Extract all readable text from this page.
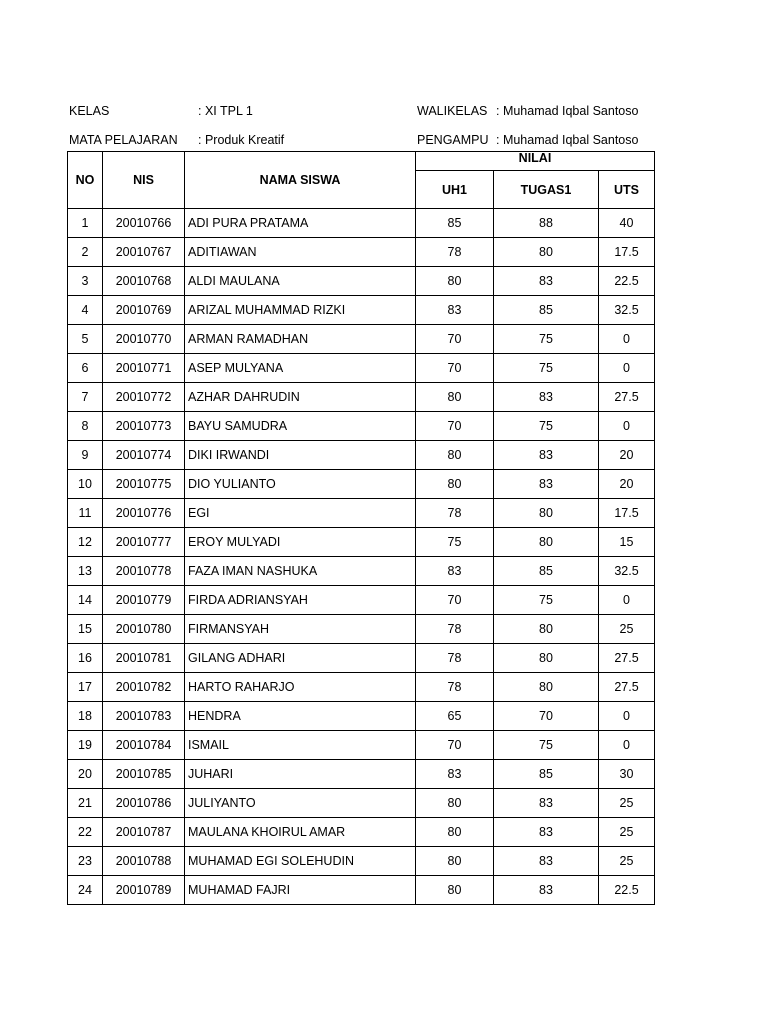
KELAS	: XI TPL 1	WALIKELAS : Muhamad Iqbal Santoso
MATA PELAJARAN : Produk Kreatif	PENGAMPU : Muhamad Iqbal Santoso
NO	NIS	NAMA SISWA	NILAI		
			UH1	TUGAS1	UTS
1	20010766	ADI PURA PRATAMA	85	88	40
2	20010767	ADITIAWAN	78	80	17.5
3	20010768	ALDI MAULANA	80	83	22.5
4	20010769	ARIZAL MUHAMMAD RIZKI	83	85	32.5
5	20010770	ARMAN RAMADHAN	70	75	0
6	20010771	ASEP MULYANA	70	75	0
7	20010772	AZHAR DAHRUDIN	80	83	27.5
8	20010773	BAYU SAMUDRA	70	75	0
9	20010774	DIKI IRWANDI	80	83	20
10	20010775	DIO YULIANTO	80	83	20
11	20010776	EGI	78	80	17.5
12	20010777	EROY MULYADI	75	80	15
13	20010778	FAZA IMAN NASHUKA	83	85	32.5
14	20010779	FIRDA ADRIANSYAH	70	75	0
15	20010780	FIRMANSYAH	78	80	25
16	20010781	GILANG ADHARI	78	80	27.5
17	20010782	HARTO RAHARJO	78	80	27.5
18	20010783	HENDRA	65	70	0
19	20010784	ISMAIL	70	75	0
20	20010785	JUHARI	83	85	30
21	20010786	JULIYANTO	80	83	25
22	20010787	MAULANA KHOIRUL AMAR	80	83	25
23	20010788	MUHAMAD EGI SOLEHUDIN	80	83	25
24	20010789	MUHAMAD FAJRI	80	83	22.5
